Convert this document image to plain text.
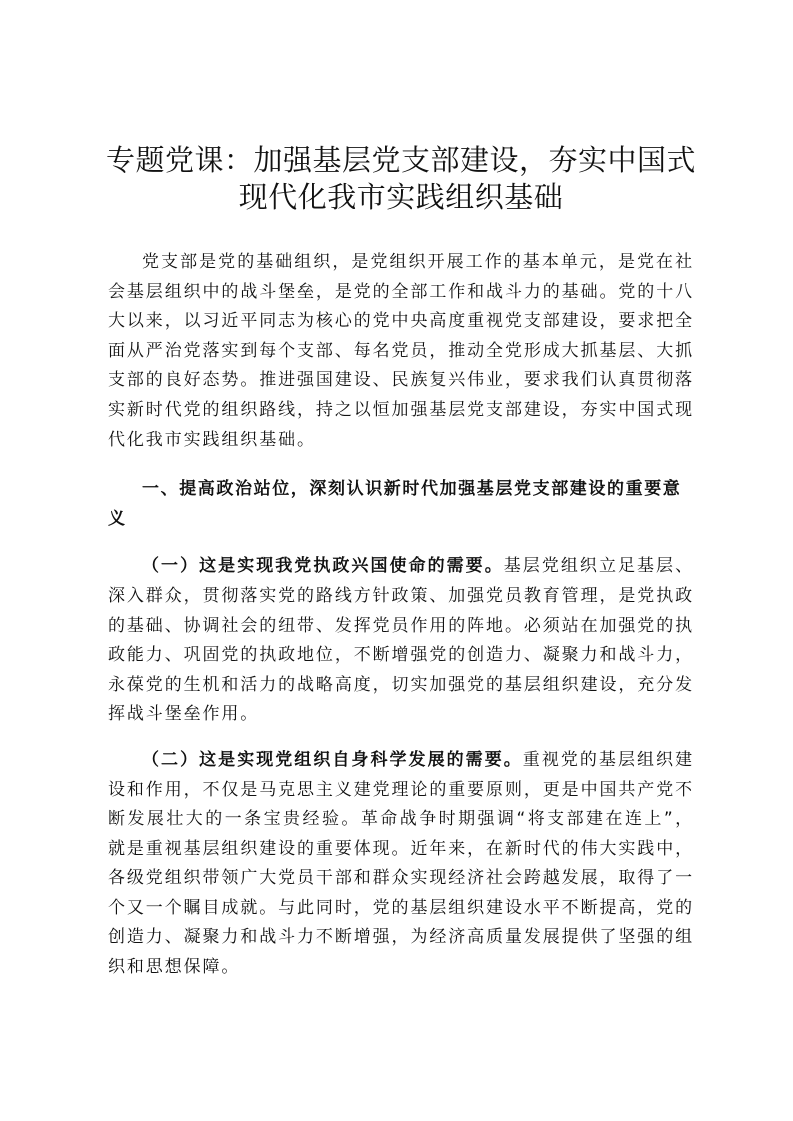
专题党课：加强基层党支部建设，夯实中国式
现代化我市实践组织基础

党支部是党的基础组织，是党组织开展工作的基本单元，是党在社会基层组织中的战斗堡垒，是党的全部工作和战斗力的基础。党的十八大以来，以习近平同志为核心的党中央高度重视党支部建设，要求把全面从严治党落实到每个支部、每名党员，推动全党形成大抓基层、大抓支部的良好态势。推进强国建设、民族复兴伟业，要求我们认真贯彻落实新时代党的组织路线，持之以恒加强基层党支部建设，夯实中国式现代化我市实践组织基础。

一、提高政治站位，深刻认识新时代加强基层党支部建设的重要意义

（一）这是实现我党执政兴国使命的需要。基层党组织立足基层、深入群众，贯彻落实党的路线方针政策、加强党员教育管理，是党执政的基础、协调社会的纽带、发挥党员作用的阵地。必须站在加强党的执政能力、巩固党的执政地位，不断增强党的创造力、凝聚力和战斗力，永葆党的生机和活力的战略高度，切实加强党的基层组织建设，充分发挥战斗堡垒作用。

（二）这是实现党组织自身科学发展的需要。重视党的基层组织建设和作用，不仅是马克思主义建党理论的重要原则，更是中国共产党不断发展壮大的一条宝贵经验。革命战争时期强调“将支部建在连上”，就是重视基层组织建设的重要体现。近年来，在新时代的伟大实践中，各级党组织带领广大党员干部和群众实现经济社会跨越发展，取得了一个又一个瞩目成就。与此同时，党的基层组织建设水平不断提高，党的创造力、凝聚力和战斗力不断增强，为经济高质量发展提供了坚强的组织和思想保障。
